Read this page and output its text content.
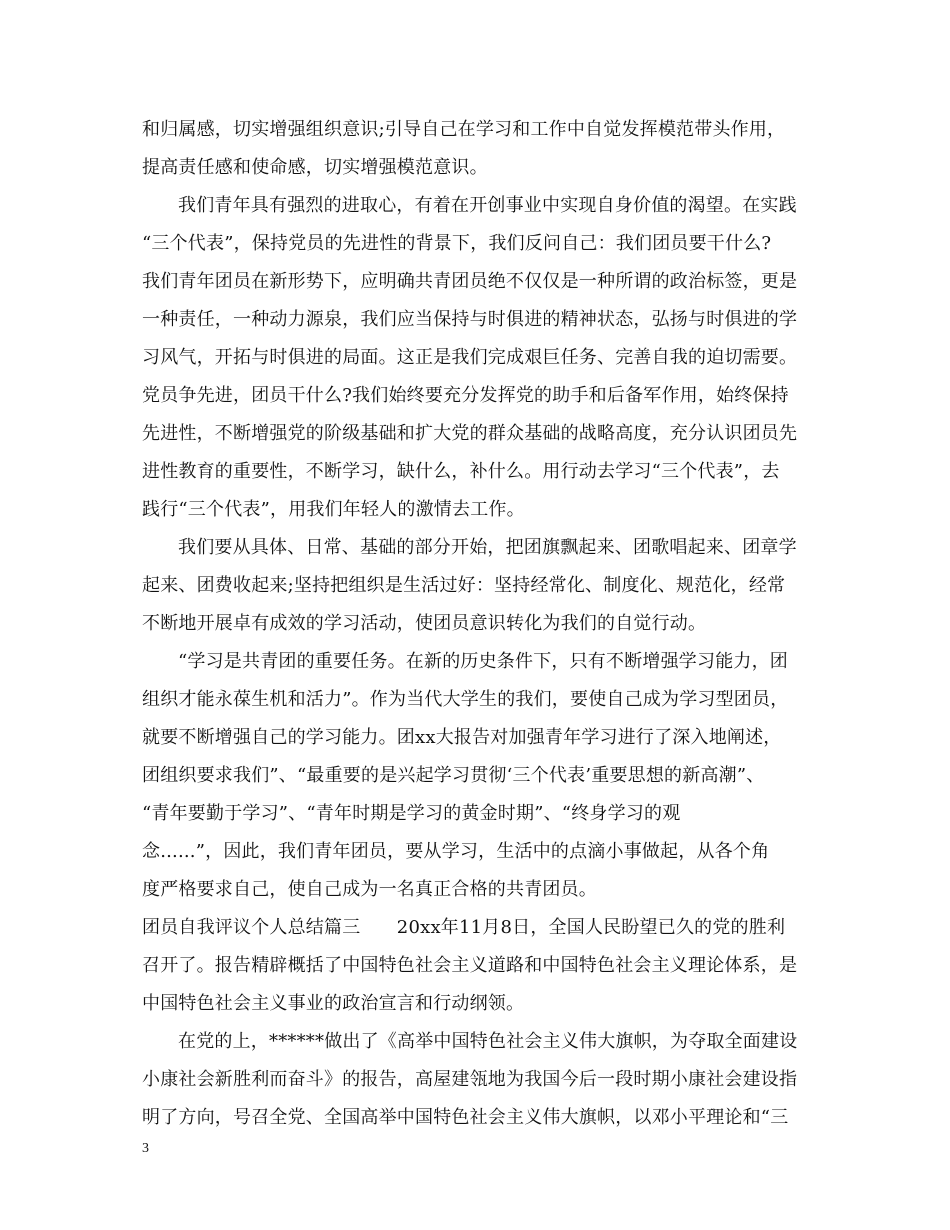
和归属感，切实增强组织意识;引导自己在学习和工作中自觉发挥模范带头作用，
提高责任感和使命感，切实增强模范意识。
我们青年具有强烈的进取心，有着在开创事业中实现自身价值的渴望。在实践
“三个代表”，保持党员的先进性的背景下，我们反问自己：我们团员要干什么?
我们青年团员在新形势下，应明确共青团员绝不仅仅是一种所谓的政治标签，更是
一种责任，一种动力源泉，我们应当保持与时俱进的精神状态，弘扬与时俱进的学
习风气，开拓与时俱进的局面。这正是我们完成艰巨任务、完善自我的迫切需要。
党员争先进，团员干什么?我们始终要充分发挥党的助手和后备军作用，始终保持
先进性，不断增强党的阶级基础和扩大党的群众基础的战略高度，充分认识团员先
进性教育的重要性，不断学习，缺什么，补什么。用行动去学习“三个代表”，去
践行“三个代表”，用我们年轻人的激情去工作。
我们要从具体、日常、基础的部分开始，把团旗飘起来、团歌唱起来、团章学
起来、团费收起来;坚持把组织是生活过好：坚持经常化、制度化、规范化，经常
不断地开展卓有成效的学习活动，使团员意识转化为我们的自觉行动。
“学习是共青团的重要任务。在新的历史条件下，只有不断增强学习能力，团
组织才能永葆生机和活力”。作为当代大学生的我们，要使自己成为学习型团员，
就要不断增强自己的学习能力。团xx大报告对加强青年学习进行了深入地阐述，
团组织要求我们”、“最重要的是兴起学习贯彻‘三个代表’重要思想的新高潮”、
“青年要勤于学习”、“青年时期是学习的黄金时期”、“终身学习的观
念......”，因此，我们青年团员，要从学习，生活中的点滴小事做起，从各个角
度严格要求自己，使自己成为一名真正合格的共青团员。
团员自我评议个人总结篇三　　20xx年11月8日，全国人民盼望已久的党的胜利
召开了。报告精辟概括了中国特色社会主义道路和中国特色社会主义理论体系，是
中国特色社会主义事业的政治宣言和行动纲领。
在党的上，******做出了《高举中国特色社会主义伟大旗帜，为夺取全面建设
小康社会新胜利而奋斗》的报告，高屋建瓴地为我国今后一段时期小康社会建设指
明了方向，号召全党、全国高举中国特色社会主义伟大旗帜，以邓小平理论和“三
3
